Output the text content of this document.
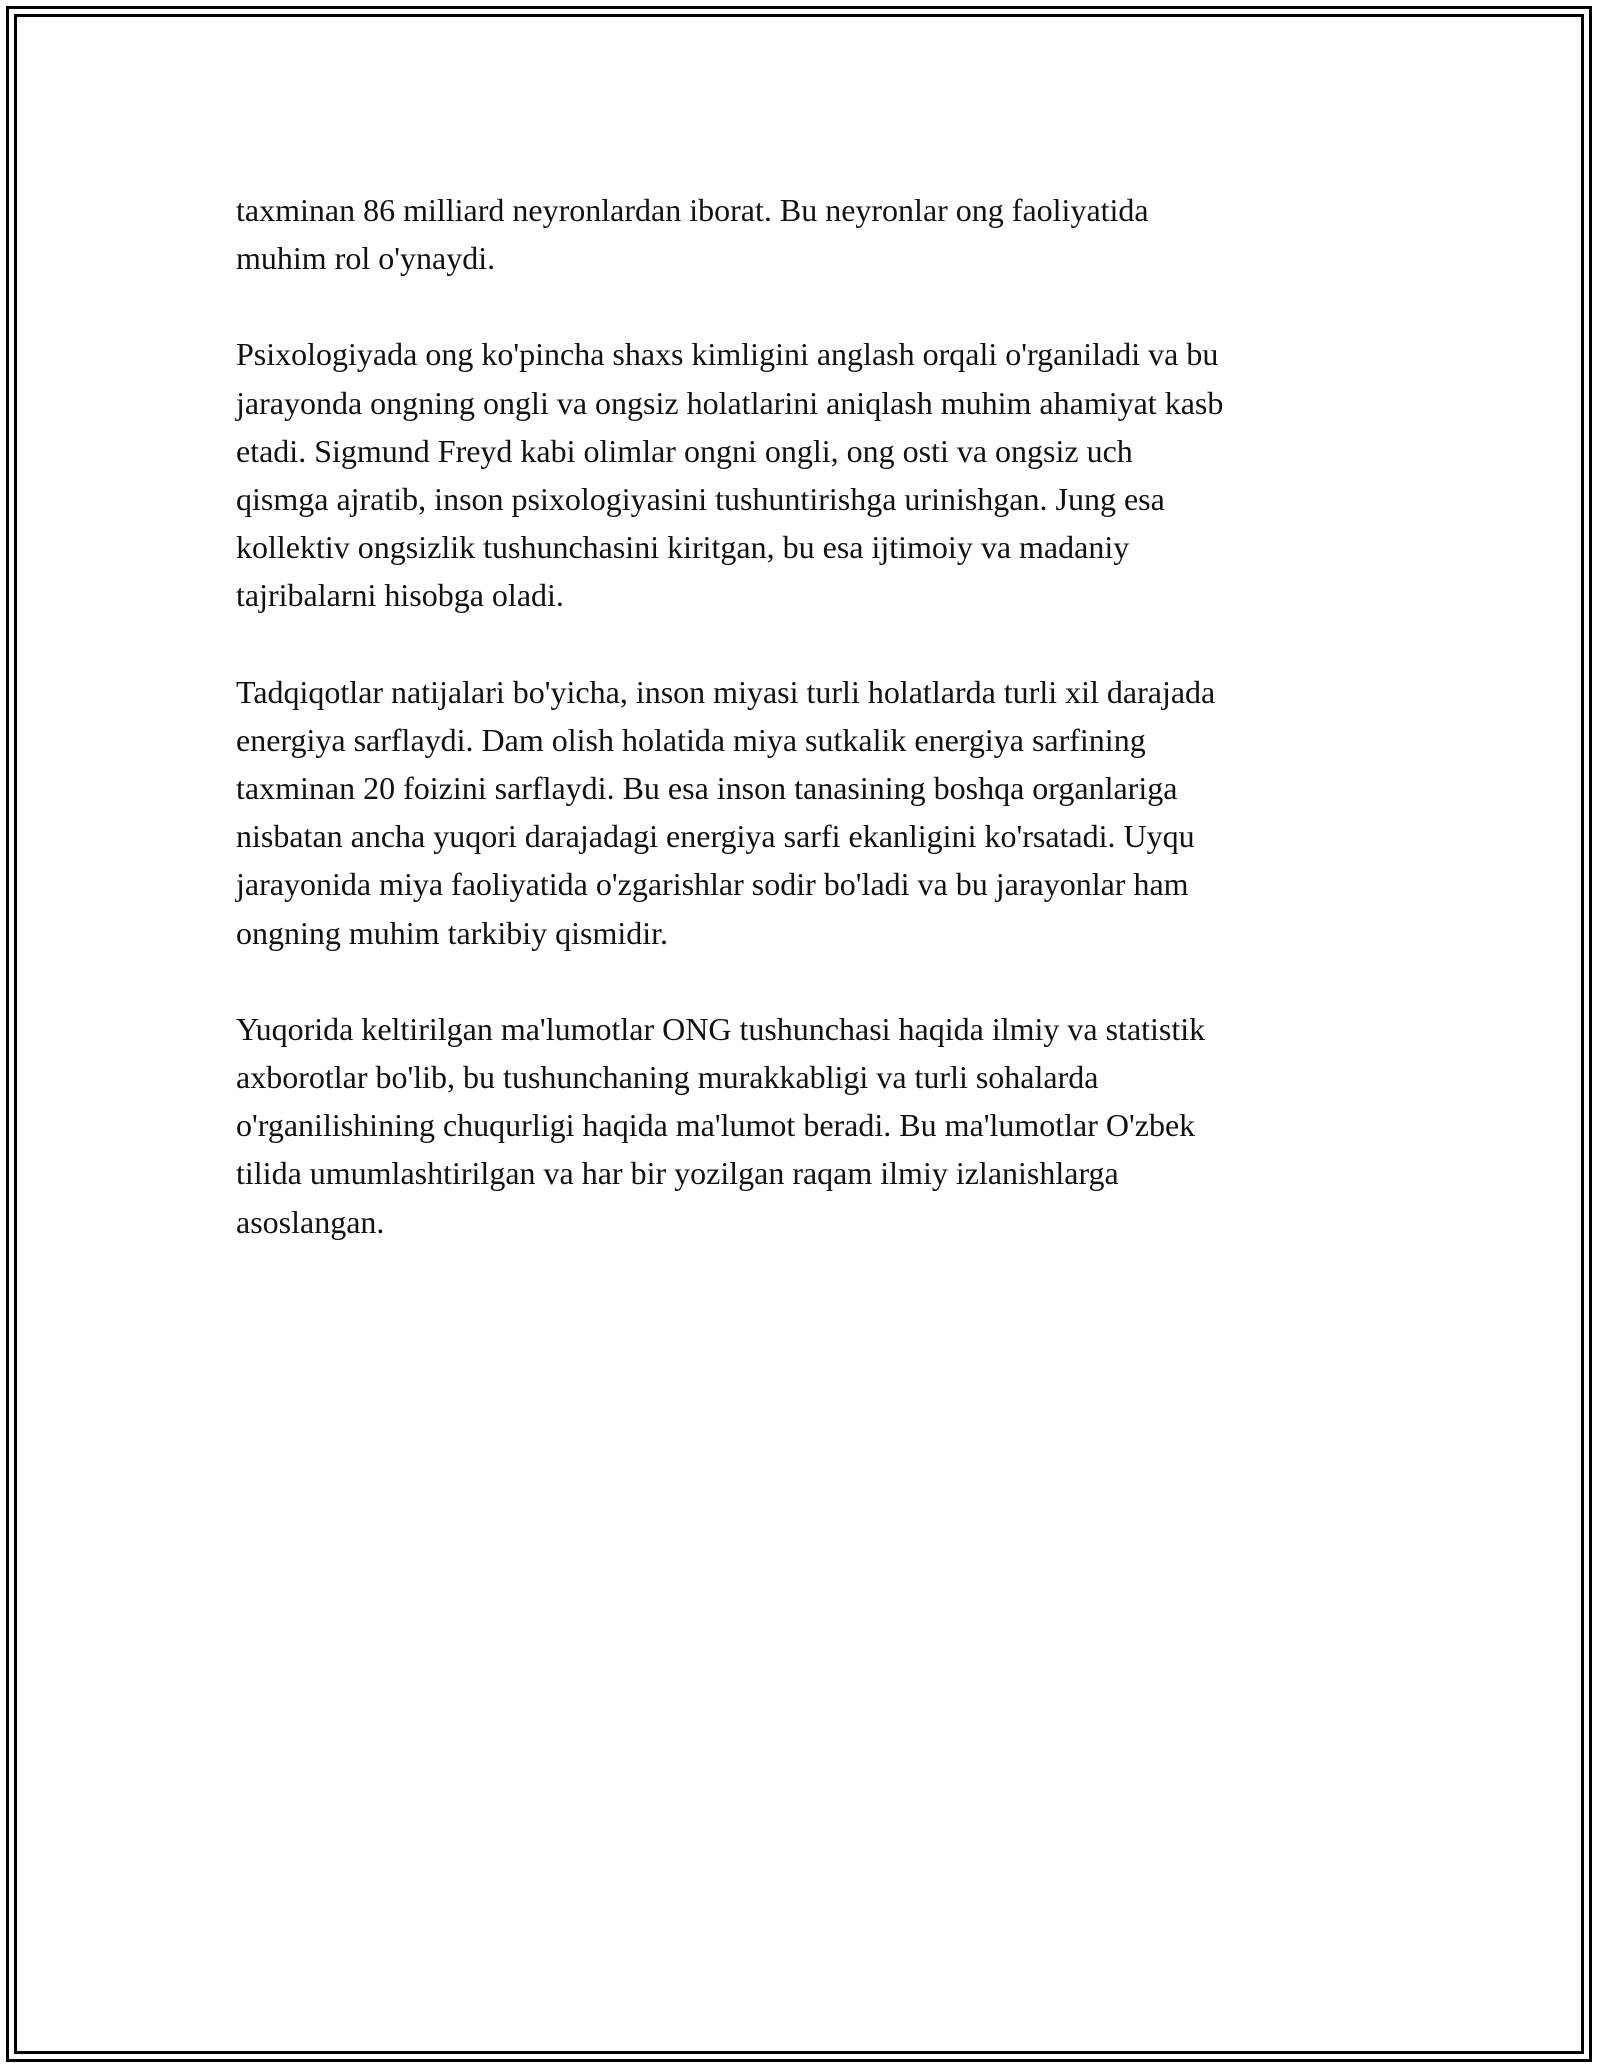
taxminan 86 milliard neyronlardan iborat. Bu neyronlar ong faoliyatida
muhim rol o'ynaydi.

Psixologiyada ong ko'pincha shaxs kimligini anglash orqali o'rganiladi va bu
jarayonda ongning ongli va ongsiz holatlarini aniqlash muhim ahamiyat kasb
etadi. Sigmund Freyd kabi olimlar ongni ongli, ong osti va ongsiz uch
qismga ajratib, inson psixologiyasini tushuntirishga urinishgan. Jung esa
kollektiv ongsizlik tushunchasini kiritgan, bu esa ijtimoiy va madaniy
tajribalarni hisobga oladi.

Tadqiqotlar natijalari bo'yicha, inson miyasi turli holatlarda turli xil darajada
energiya sarflaydi. Dam olish holatida miya sutkalik energiya sarfining
taxminan 20 foizini sarflaydi. Bu esa inson tanasining boshqa organlariga
nisbatan ancha yuqori darajadagi energiya sarfi ekanligini ko'rsatadi. Uyqu
jarayonida miya faoliyatida o'zgarishlar sodir bo'ladi va bu jarayonlar ham
ongning muhim tarkibiy qismidir.

Yuqorida keltirilgan ma'lumotlar ONG tushunchasi haqida ilmiy va statistik
axborotlar bo'lib, bu tushunchaning murakkabligi va turli sohalarda
o'rganilishining chuqurligi haqida ma'lumot beradi. Bu ma'lumotlar O'zbek
tilida umumlashtirilgan va har bir yozilgan raqam ilmiy izlanishlarga
asoslangan.
